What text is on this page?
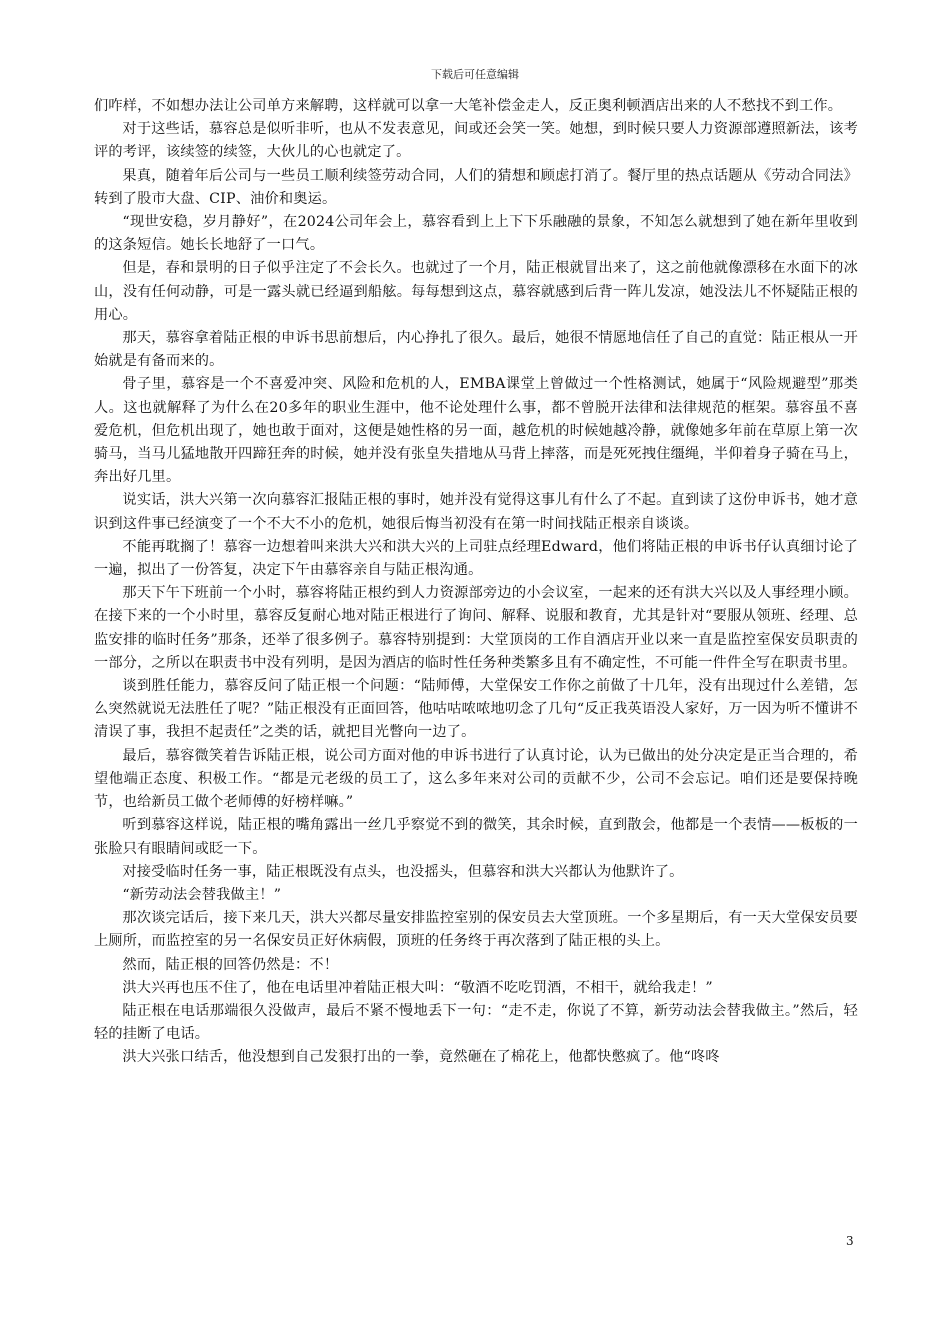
下载后可任意编辑

们咋样，不如想办法让公司单方来解聘，这样就可以拿一大笔补偿金走人，反正奥利顿酒店出来的人不愁找不到工作。

对于这些话，慕容总是似听非听，也从不发表意见，间或还会笑一笑。她想，到时候只要人力资源部遵照新法，该考评的考评，该续签的续签，大伙儿的心也就定了。

果真，随着年后公司与一些员工顺利续签劳动合同，人们的猜想和顾虑打消了。餐厅里的热点话题从《劳动合同法》转到了股市大盘、CIP、油价和奥运。

“现世安稳，岁月静好”，在2024公司年会上，慕容看到上上下下乐融融的景象，不知怎么就想到了她在新年里收到的这条短信。她长长地舒了一口气。

但是，春和景明的日子似乎注定了不会长久。也就过了一个月，陆正根就冒出来了，这之前他就像漂移在水面下的冰山，没有任何动静，可是一露头就已经逼到船舷。每每想到这点，慕容就感到后背一阵儿发凉，她没法儿不怀疑陆正根的用心。

那天，慕容拿着陆正根的申诉书思前想后，内心挣扎了很久。最后，她很不情愿地信任了自己的直觉：陆正根从一开始就是有备而来的。

骨子里，慕容是一个不喜爱冲突、风险和危机的人，EMBA课堂上曾做过一个性格测试，她属于“风险规避型”那类人。这也就解释了为什么在20多年的职业生涯中，他不论处理什么事，都不曾脱开法律和法律规范的框架。慕容虽不喜爱危机，但危机出现了，她也敢于面对，这便是她性格的另一面，越危机的时候她越冷静，就像她多年前在草原上第一次骑马，当马儿猛地散开四蹄狂奔的时候，她并没有张皇失措地从马背上摔落，而是死死拽住缰绳，半仰着身子骑在马上，奔出好几里。

说实话，洪大兴第一次向慕容汇报陆正根的事时，她并没有觉得这事儿有什么了不起。直到读了这份申诉书，她才意识到这件事已经演变了一个不大不小的危机，她很后悔当初没有在第一时间找陆正根亲自谈谈。

不能再耽搁了！慕容一边想着叫来洪大兴和洪大兴的上司驻点经理Edward，他们将陆正根的申诉书仔认真细讨论了一遍，拟出了一份答复，决定下午由慕容亲自与陆正根沟通。

那天下午下班前一个小时，慕容将陆正根约到人力资源部旁边的小会议室，一起来的还有洪大兴以及人事经理小顾。在接下来的一个小时里，慕容反复耐心地对陆正根进行了询问、解释、说服和教育，尤其是针对“要服从领班、经理、总监安排的临时任务”那条，还举了很多例子。慕容特别提到：大堂顶岗的工作自酒店开业以来一直是监控室保安员职责的一部分，之所以在职责书中没有列明，是因为酒店的临时性任务种类繁多且有不确定性，不可能一件件全写在职责书里。

谈到胜任能力，慕容反问了陆正根一个问题：“陆师傅，大堂保安工作你之前做了十几年，没有出现过什么差错，怎么突然就说无法胜任了呢？”陆正根没有正面回答，他咕咕哝哝地叨念了几句“反正我英语没人家好，万一因为听不懂讲不清误了事，我担不起责任”之类的话，就把目光瞥向一边了。

最后，慕容微笑着告诉陆正根，说公司方面对他的申诉书进行了认真讨论，认为已做出的处分决定是正当合理的，希望他端正态度、积极工作。“都是元老级的员工了，这么多年来对公司的贡献不少，公司不会忘记。咱们还是要保持晚节，也给新员工做个老师傅的好榜样嘛。”

听到慕容这样说，陆正根的嘴角露出一丝几乎察觉不到的微笑，其余时候，直到散会，他都是一个表情——板板的一张脸只有眼睛间或眨一下。

对接受临时任务一事，陆正根既没有点头，也没摇头，但慕容和洪大兴都认为他默许了。

“新劳动法会替我做主！”

那次谈完话后，接下来几天，洪大兴都尽量安排监控室别的保安员去大堂顶班。一个多星期后，有一天大堂保安员要上厕所，而监控室的另一名保安员正好休病假，顶班的任务终于再次落到了陆正根的头上。

然而，陆正根的回答仍然是：不！

洪大兴再也压不住了，他在电话里冲着陆正根大叫：“敬酒不吃吃罚酒，不相干，就给我走！”

陆正根在电话那端很久没做声，最后不紧不慢地丢下一句：“走不走，你说了不算，新劳动法会替我做主。”然后，轻轻的挂断了电话。

洪大兴张口结舌，他没想到自己发狠打出的一拳，竟然砸在了棉花上，他都快憋疯了。他“咚咚

3
